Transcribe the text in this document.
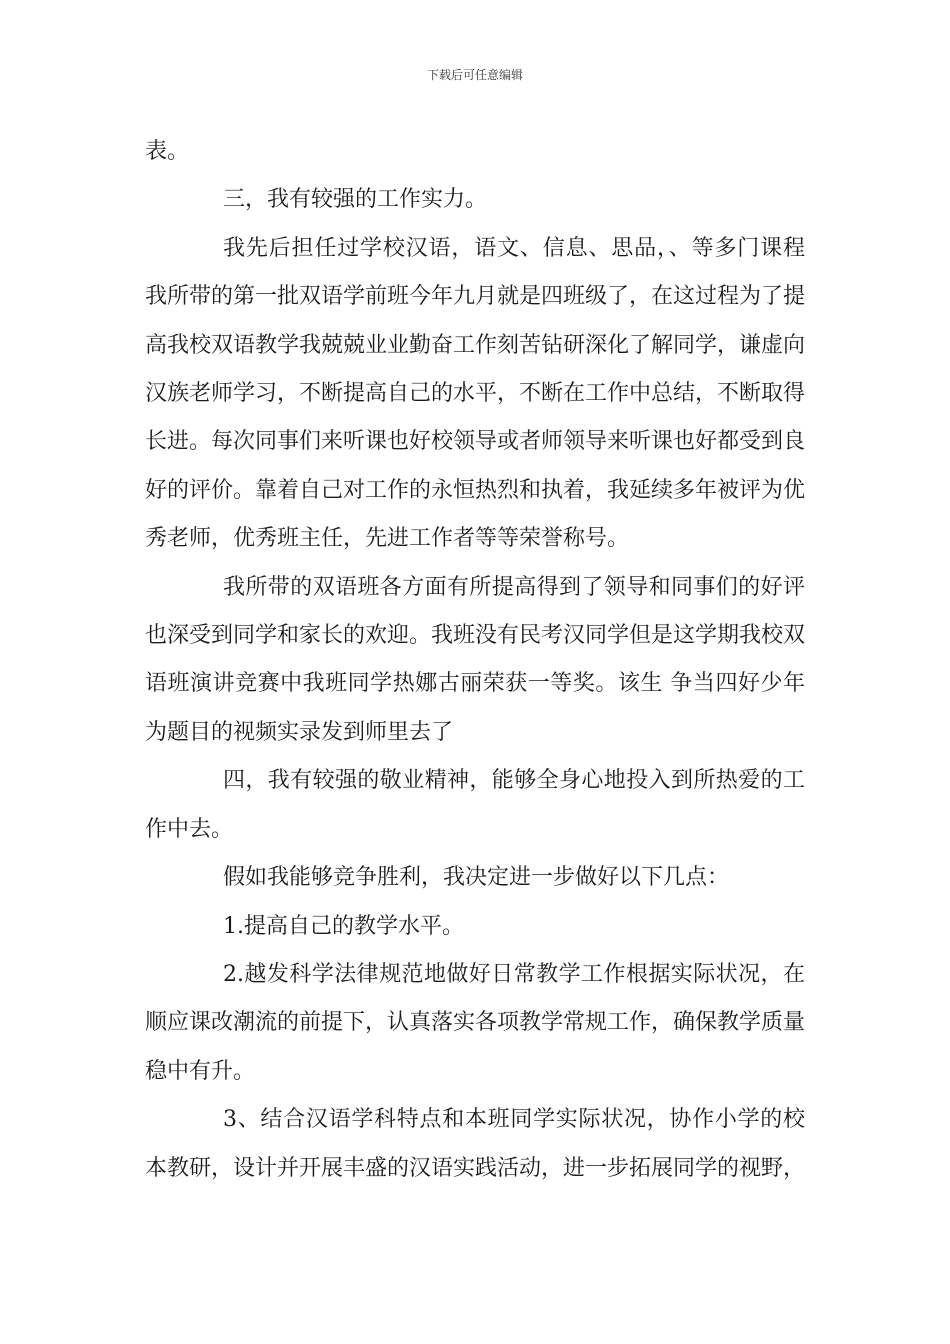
下载后可任意编辑

表。

三，我有较强的工作实力。

我先后担任过学校汉语，语文、信息、思品，、等多门课程我所带的第一批双语学前班今年九月就是四班级了，在这过程为了提高我校双语教学我兢兢业业勤奋工作刻苦钻研深化了解同学，谦虚向汉族老师学习，不断提高自己的水平，不断在工作中总结，不断取得长进。每次同事们来听课也好校领导或者师领导来听课也好都受到良好的评价。靠着自己对工作的永恒热烈和执着，我延续多年被评为优秀老师，优秀班主任，先进工作者等等荣誉称号。

我所带的双语班各方面有所提高得到了领导和同事们的好评也深受到同学和家长的欢迎。我班没有民考汉同学但是这学期我校双语班演讲竞赛中我班同学热娜古丽荣获一等奖。该生 争当四好少年 为题目的视频实录发到师里去了

四，我有较强的敬业精神，能够全身心地投入到所热爱的工作中去。

假如我能够竞争胜利，我决定进一步做好以下几点：

1.提高自己的教学水平。

2.越发科学法律规范地做好日常教学工作根据实际状况，在顺应课改潮流的前提下，认真落实各项教学常规工作，确保教学质量稳中有升。

3、结合汉语学科特点和本班同学实际状况，协作小学的校本教研，设计并开展丰盛的汉语实践活动，进一步拓展同学的视野，
